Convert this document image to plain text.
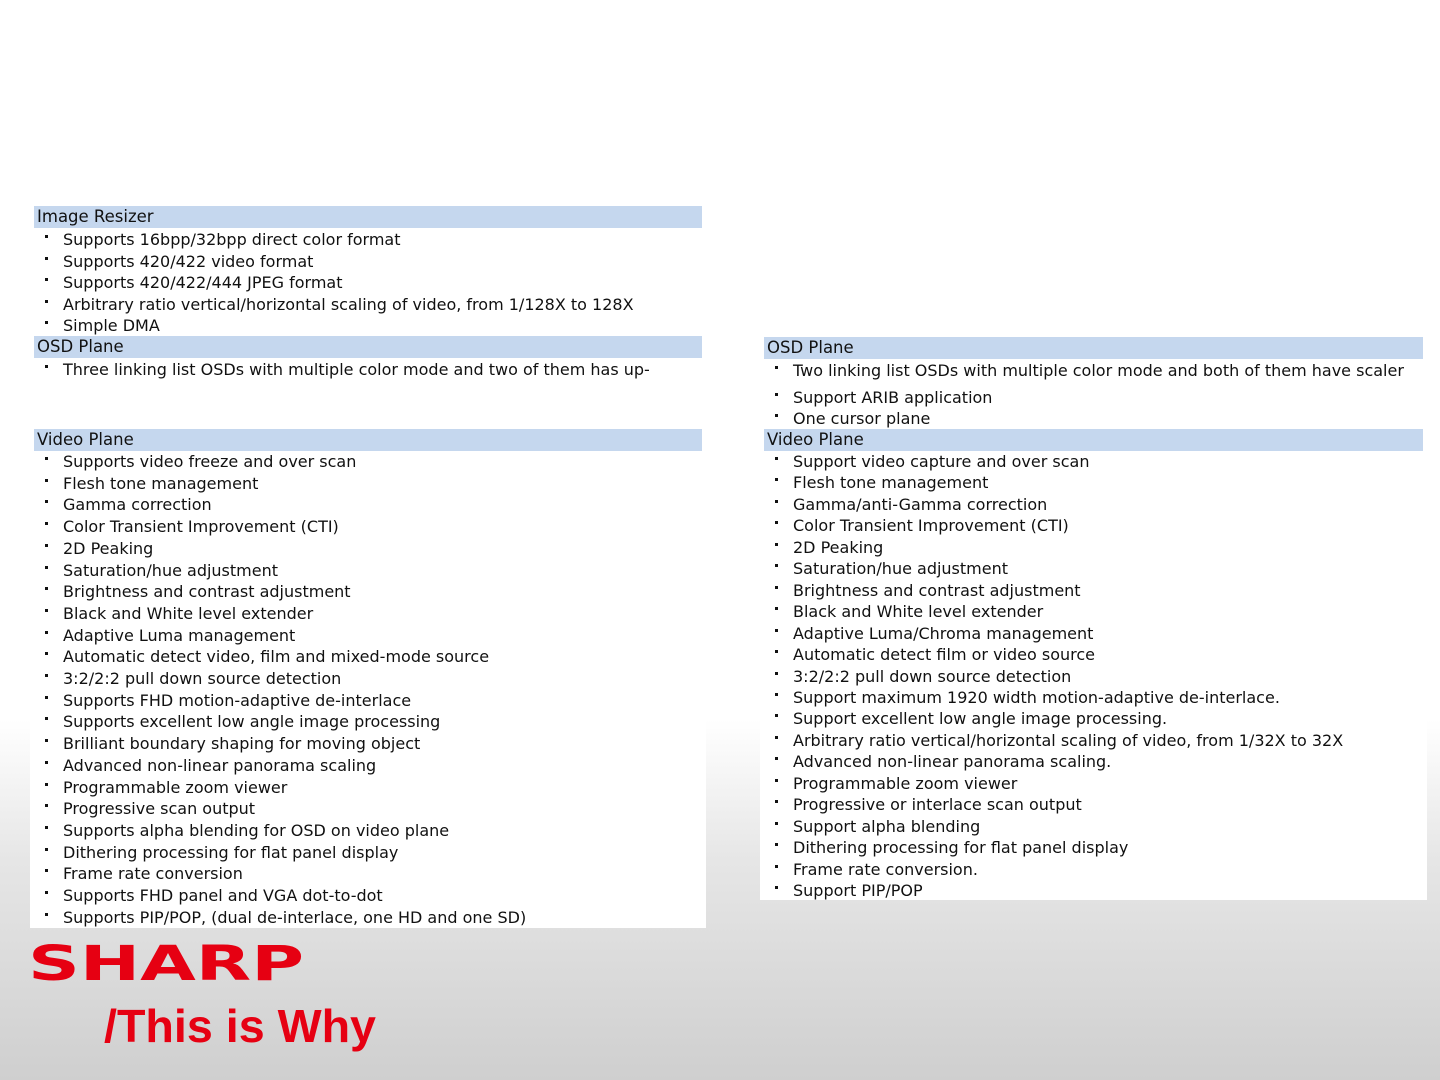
Image Resizer
Supports 16bpp/32bpp direct color format
Supports 420/422 video format
Supports 420/422/444 JPEG format
Arbitrary ratio vertical/horizontal scaling of video, from 1/128X to 128X
Simple DMA
OSD Plane
Three linking list OSDs with multiple color mode and two of them has up-
Video Plane
Supports video freeze and over scan
Flesh tone management
Gamma correction
Color Transient Improvement (CTI)
2D Peaking
Saturation/hue adjustment
Brightness and contrast adjustment
Black and White level extender
Adaptive Luma management
Automatic detect video, film and mixed-mode source
3:2/2:2 pull down source detection
Supports FHD motion-adaptive de-interlace
Supports excellent low angle image processing
Brilliant boundary shaping for moving object
Advanced non-linear panorama scaling
Programmable zoom viewer
Progressive scan output
Supports alpha blending for OSD on video plane
Dithering processing for flat panel display
Frame rate conversion
Supports FHD panel and VGA dot-to-dot
Supports PIP/POP, (dual de-interlace, one HD and one SD)
OSD Plane
Two linking list OSDs with multiple color mode and both of them have scaler
Support ARIB application
One cursor plane
Video Plane
Support video capture and over scan
Flesh tone management
Gamma/anti-Gamma correction
Color Transient Improvement (CTI)
2D Peaking
Saturation/hue adjustment
Brightness and contrast adjustment
Black and White level extender
Adaptive Luma/Chroma management
Automatic detect film or video source
3:2/2:2 pull down source detection
Support maximum 1920 width motion-adaptive de-interlace.
Support excellent low angle image processing.
Arbitrary ratio vertical/horizontal scaling of video, from 1/32X to 32X
Advanced non-linear panorama scaling.
Programmable zoom viewer
Progressive or interlace scan output
Support alpha blending
Dithering processing for flat panel display
Frame rate conversion.
Support PIP/POP
SHARP
/This is Why
